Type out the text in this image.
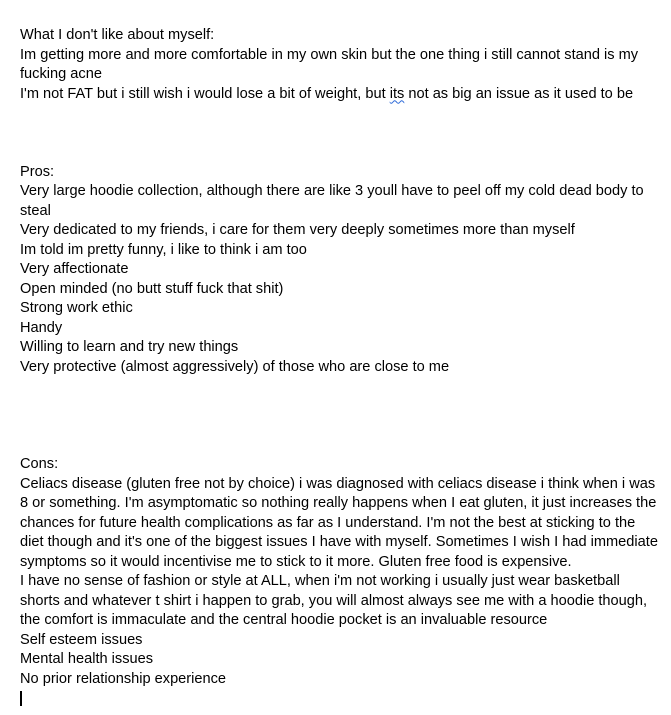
What I don't like about myself:
Im getting more and more comfortable in my own skin but the one thing i still cannot stand is my fucking acne
I'm not FAT but i still wish i would lose a bit of weight, but its not as big an issue as it used to be
Pros:
Very large hoodie collection, although there are like 3 youll have to peel off my cold dead body to steal
Very dedicated to my friends, i care for them very deeply sometimes more than myself
Im told im pretty funny, i like to think i am too
Very affectionate
Open minded (no butt stuff fuck that shit)
Strong work ethic
Handy
Willing to learn and try new things
Very protective (almost aggressively) of those who are close to me
Cons:
Celiacs disease (gluten free not by choice) i was diagnosed with celiacs disease i think when i was 8 or something. I'm asymptomatic so nothing really happens when I eat gluten, it just increases the chances for future health complications as far as I understand. I'm not the best at sticking to the diet though and it's one of the biggest issues I have with myself. Sometimes I wish I had immediate symptoms so it would incentivise me to stick to it more. Gluten free food is expensive.
I have no sense of fashion or style at ALL, when i'm not working i usually just wear basketball shorts and whatever t shirt i happen to grab, you will almost always see me with a hoodie though, the comfort is immaculate and the central hoodie pocket is an invaluable resource
Self esteem issues
Mental health issues
No prior relationship experience
